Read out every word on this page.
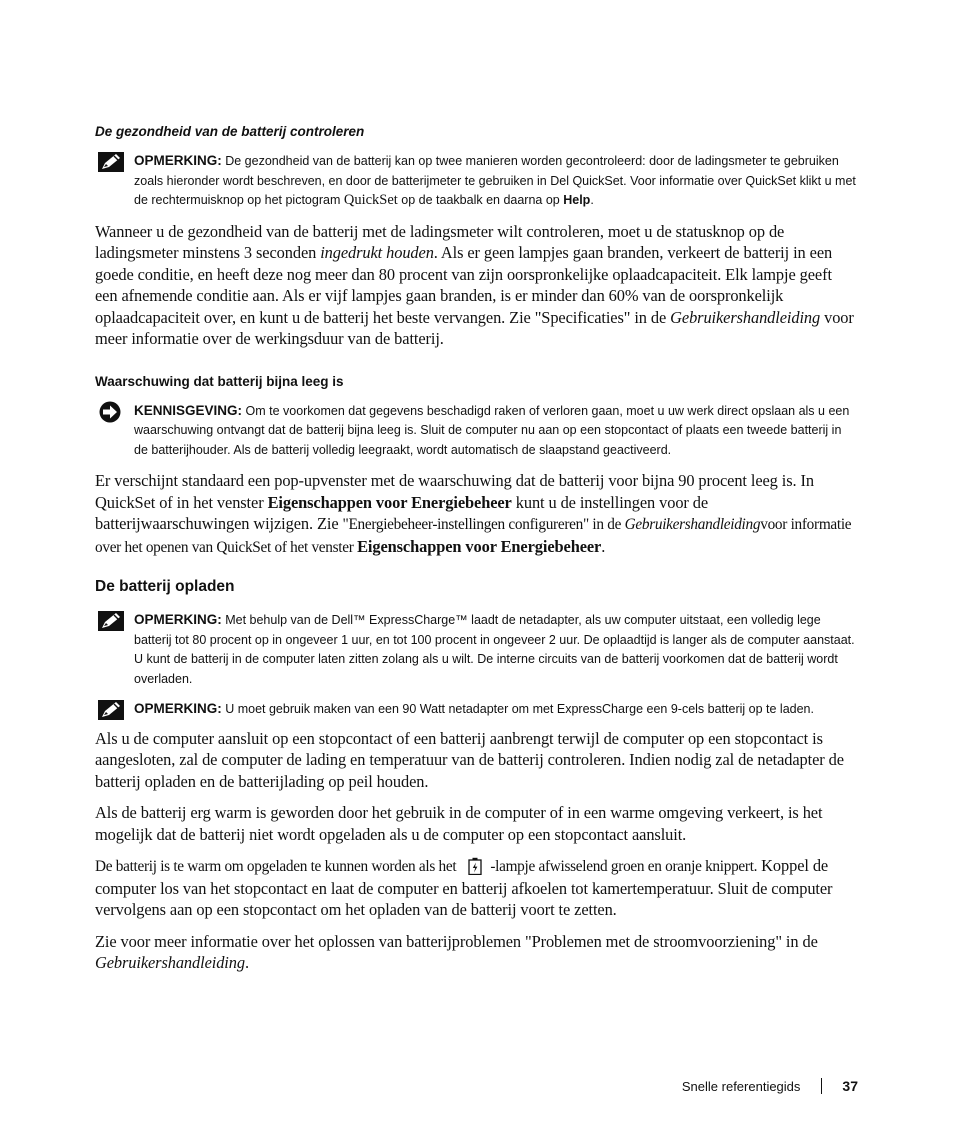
De gezondheid van de batterij controleren
OPMERKING: De gezondheid van de batterij kan op twee manieren worden gecontroleerd: door de ladingsmeter te gebruiken zoals hieronder wordt beschreven, en door de batterijmeter te gebruiken in Del QuickSet. Voor informatie over QuickSet klikt u met de rechtermuisknop op het pictogram QuickSet op de taakbalk en daarna op Help.

Wanneer u de gezondheid van de batterij met de ladingsmeter wilt controleren, moet u de statusknop op de ladingsmeter minstens 3 seconden ingedrukt houden. Als er geen lampjes gaan branden, verkeert de batterij in een goede conditie, en heeft deze nog meer dan 80 procent van zijn oorspronkelijke oplaadcapaciteit. Elk lampje geeft een afnemende conditie aan. Als er vijf lampjes gaan branden, is er minder dan 60% van de oorspronkelijk oplaadcapaciteit over, en kunt u de batterij het beste vervangen. Zie "Specificaties" in de Gebruikershandleiding voor meer informatie over de werkingsduur van de batterij.

Waarschuwing dat batterij bijna leeg is
KENNISGEVING: Om te voorkomen dat gegevens beschadigd raken of verloren gaan, moet u uw werk direct opslaan als u een waarschuwing ontvangt dat de batterij bijna leeg is. Sluit de computer nu aan op een stopcontact of plaats een tweede batterij in de batterijhouder. Als de batterij volledig leegraakt, wordt automatisch de slaapstand geactiveerd.

Er verschijnt standaard een pop-upvenster met de waarschuwing dat de batterij voor bijna 90 procent leeg is. In QuickSet of in het venster Eigenschappen voor Energiebeheer kunt u de instellingen voor de batterijwaarschuwingen wijzigen. Zie "Energiebeheer-instellingen configureren" in de Gebruikershandleidingvoor informatie over het openen van QuickSet of het venster Eigenschappen voor Energiebeheer.

De batterij opladen
OPMERKING: Met behulp van de Dell™ ExpressCharge™ laadt de netadapter, als uw computer uitstaat, een volledig lege batterij tot 80 procent op in ongeveer 1 uur, en tot 100 procent in ongeveer 2 uur. De oplaadtijd is langer als de computer aanstaat. U kunt de batterij in de computer laten zitten zolang als u wilt. De interne circuits van de batterij voorkomen dat de batterij wordt overladen.
OPMERKING: U moet gebruik maken van een 90 Watt netadapter om met ExpressCharge een 9-cels batterij op te laden.

Als u de computer aansluit op een stopcontact of een batterij aanbrengt terwijl de computer op een stopcontact is aangesloten, zal de computer de lading en temperatuur van de batterij controleren. Indien nodig zal de netadapter de batterij opladen en de batterijlading op peil houden.

Als de batterij erg warm is geworden door het gebruik in de computer of in een warme omgeving verkeert, is het mogelijk dat de batterij niet wordt opgeladen als u de computer op een stopcontact aansluit.

De batterij is te warm om opgeladen te kunnen worden als het -lampje afwisselend groen en oranje knippert. Koppel de computer los van het stopcontact en laat de computer en batterij afkoelen tot kamertemperatuur. Sluit de computer vervolgens aan op een stopcontact om het opladen van de batterij voort te zetten.

Zie voor meer informatie over het oplossen van batterijproblemen "Problemen met de stroomvoorziening" in de Gebruikershandleiding.

Snelle referentiegids	37
